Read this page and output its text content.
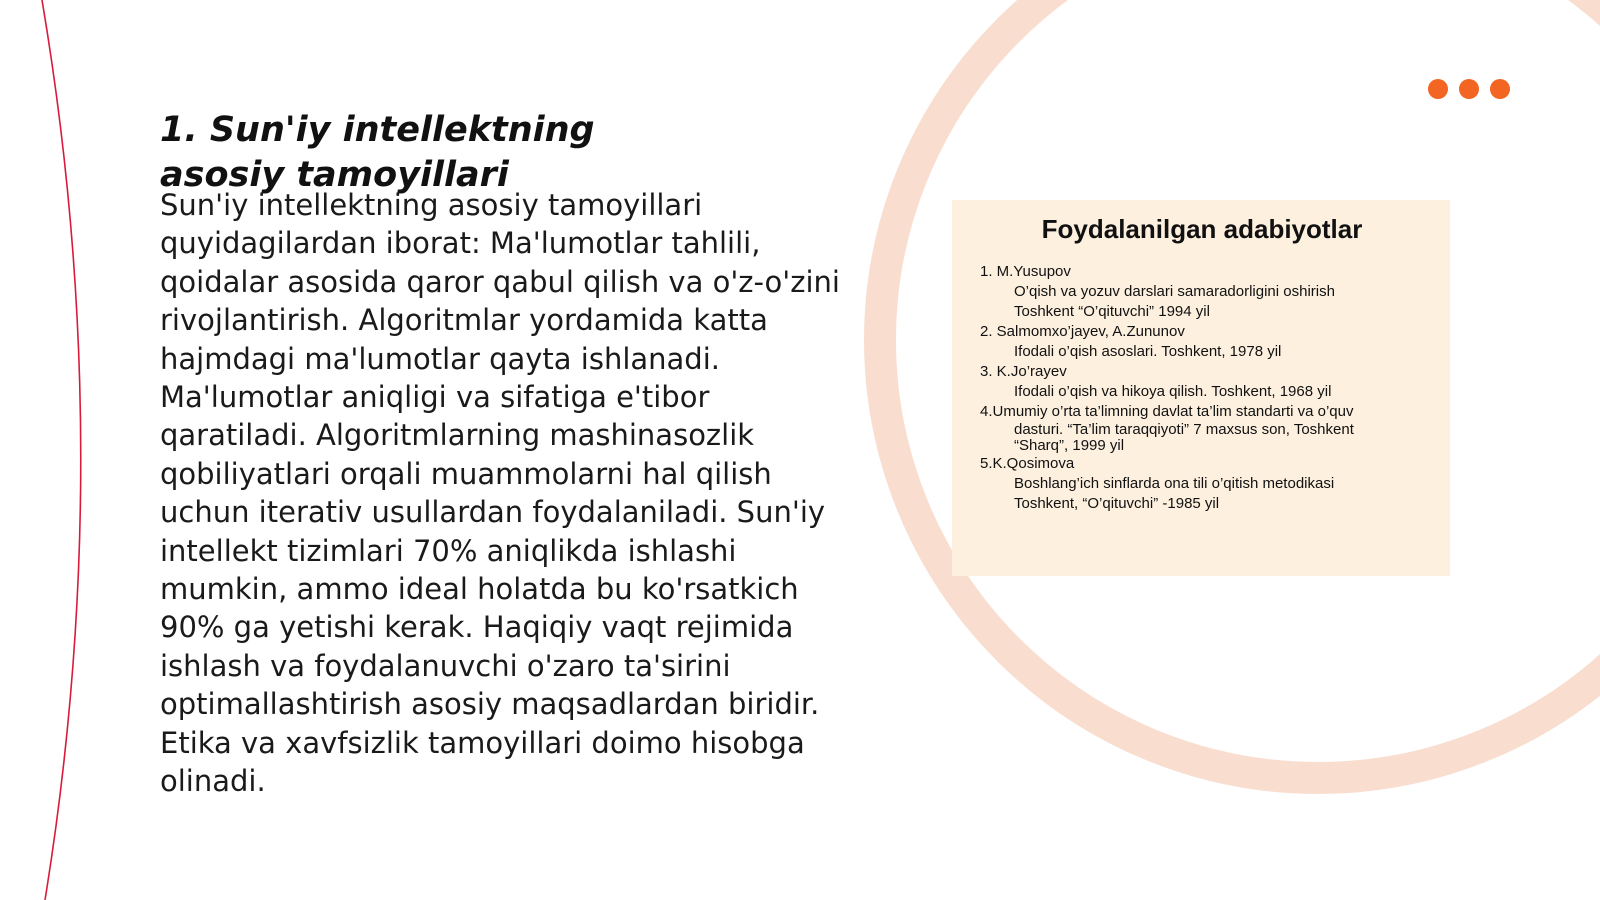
1. Sun'iy intellektning asosiy tamoyillari

Sun'iy intellektning asosiy tamoyillari quyidagilardan iborat: Ma'lumotlar tahlili, qoidalar asosida qaror qabul qilish va o'z-o'zini rivojlantirish. Algoritmlar yordamida katta hajmdagi ma'lumotlar qayta ishlanadi. Ma'lumotlar aniqligi va sifatiga e'tibor qaratiladi. Algoritmlarning mashinasozlik qobiliyatlari orqali muammolarni hal qilish uchun iterativ usullardan foydalaniladi. Sun'iy intellekt tizimlari 70% aniqlikda ishlashi mumkin, ammo ideal holatda bu ko'rsatkich 90% ga yetishi kerak. Haqiqiy vaqt rejimida ishlash va foydalanuvchi o'zaro ta'sirini optimallashtirish asosiy maqsadlardan biridir. Etika va xavfsizlik tamoyillari doimo hisobga olinadi.

Foydalanilgan adabiyotlar
1. M.Yusupov
O’qish va yozuv darslari samaradorligini oshirish
Toshkent “O’qituvchi” 1994 yil
2. Salmomxo’jayev, A.Zununov
Ifodali o’qish asoslari. Toshkent, 1978 yil
3. K.Jo’rayev
Ifodali o’qish va hikoya qilish. Toshkent, 1968 yil
4.Umumiy o’rta ta’limning davlat ta’lim standarti va o’quv
dasturi. “Ta’lim taraqqiyoti” 7 maxsus son, Toshkent
“Sharq”, 1999 yil
5.K.Qosimova
Boshlang’ich sinflarda ona tili o’qitish metodikasi
Toshkent, “O’qituvchi” -1985 yil
